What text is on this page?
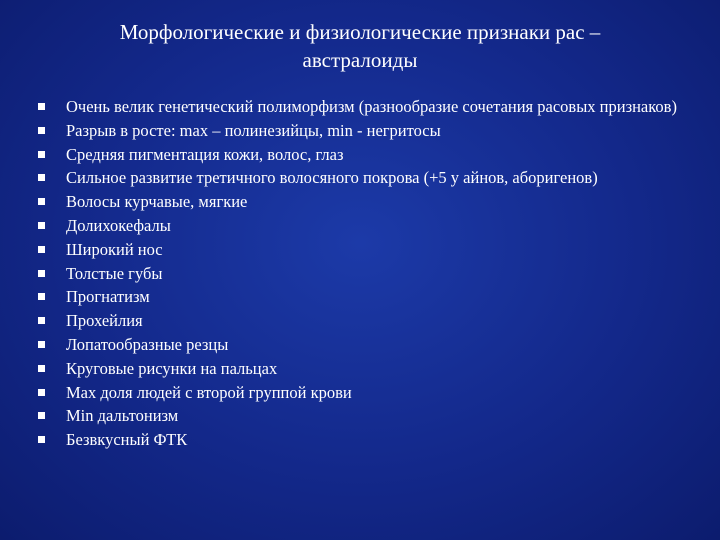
Морфологические и физиологические признаки рас –
австралоиды
Очень велик генетический полиморфизм (разнообразие сочетания расовых признаков)
Разрыв в росте: max – полинезийцы, min - негритосы
Средняя пигментация кожи, волос, глаз
Сильное развитие третичного волосяного покрова (+5 у айнов, аборигенов)
Волосы курчавые, мягкие
Долихокефалы
Широкий нос
Толстые губы
Прогнатизм
Прохейлия
Лопатообразные резцы
Круговые рисунки на пальцах
Max доля людей с второй группой крови
Min дальтонизм
Безвкусный ФТК
